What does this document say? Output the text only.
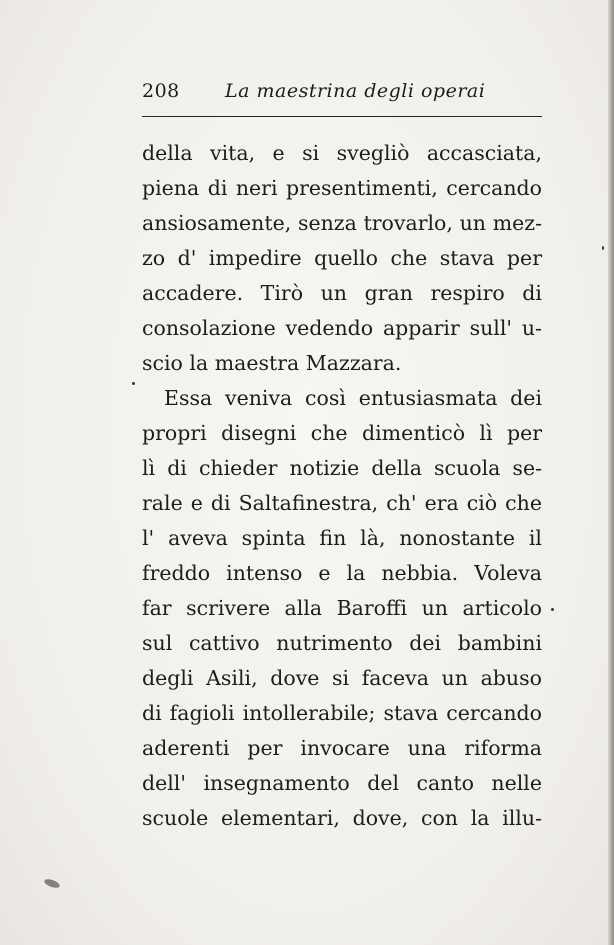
208 La maestrina degli operai
della vita, e si svegliò accasciata,
piena di neri presentimenti, cercando
ansiosamente, senza trovarlo, un mez-
zo d' impedire quello che stava per
accadere. Tirò un gran respiro di
consolazione vedendo apparir sull' u-
scio la maestra Mazzara.
Essa veniva così entusiasmata dei
propri disegni che dimenticò lì per
lì di chieder notizie della scuola se-
rale e di Saltafinestra, ch' era ciò che
l' aveva spinta fin là, nonostante il
freddo intenso e la nebbia. Voleva
far scrivere alla Baroffi un articolo
sul cattivo nutrimento dei bambini
degli Asili, dove si faceva un abuso
di fagioli intollerabile; stava cercando
aderenti per invocare una riforma
dell' insegnamento del canto nelle
scuole elementari, dove, con la illu-
